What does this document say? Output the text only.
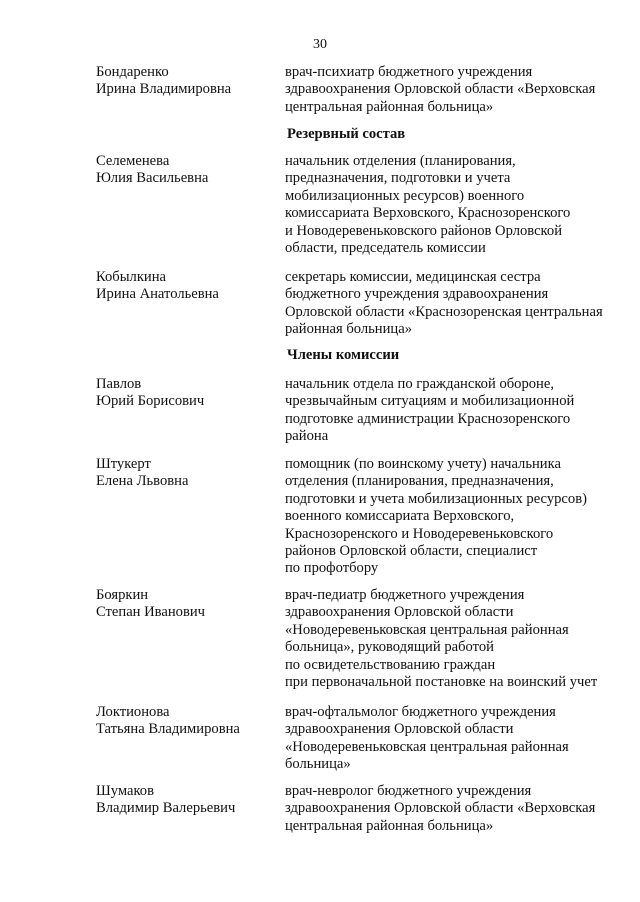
30
Бондаренко
Ирина Владимировна
врач-психиатр бюджетного учреждения
здравоохранения Орловской области «Верховская
центральная районная больница»
Резервный состав
Селеменева
Юлия Васильевна
начальник отделения (планирования,
предназначения, подготовки и учета
мобилизационных ресурсов) военного
комиссариата Верховского, Краснозоренского
и Новодеревеньковского районов Орловской
области, председатель комиссии
Кобылкина
Ирина Анатольевна
секретарь комиссии, медицинская сестра
бюджетного учреждения здравоохранения
Орловской области «Краснозоренская центральная
районная больница»
Члены комиссии
Павлов
Юрий Борисович
начальник отдела по гражданской обороне,
чрезвычайным ситуациям и мобилизационной
подготовке администрации Краснозоренского
района
Штукерт
Елена Львовна
помощник (по воинскому учету) начальника
отделения (планирования, предназначения,
подготовки и учета мобилизационных ресурсов)
военного комиссариата Верховского,
Краснозоренского и Новодеревеньковского
районов Орловской области, специалист
по профотбору
Бояркин
Степан Иванович
врач-педиатр бюджетного учреждения
здравоохранения Орловской области
«Новодеревеньковская центральная районная
больница», руководящий работой
по освидетельствованию граждан
при первоначальной постановке на воинский учет
Локтионова
Татьяна Владимировна
врач-офтальмолог бюджетного учреждения
здравоохранения Орловской области
«Новодеревеньковская центральная районная
больница»
Шумаков
Владимир Валерьевич
врач-невролог бюджетного учреждения
здравоохранения Орловской области «Верховская
центральная районная больница»
